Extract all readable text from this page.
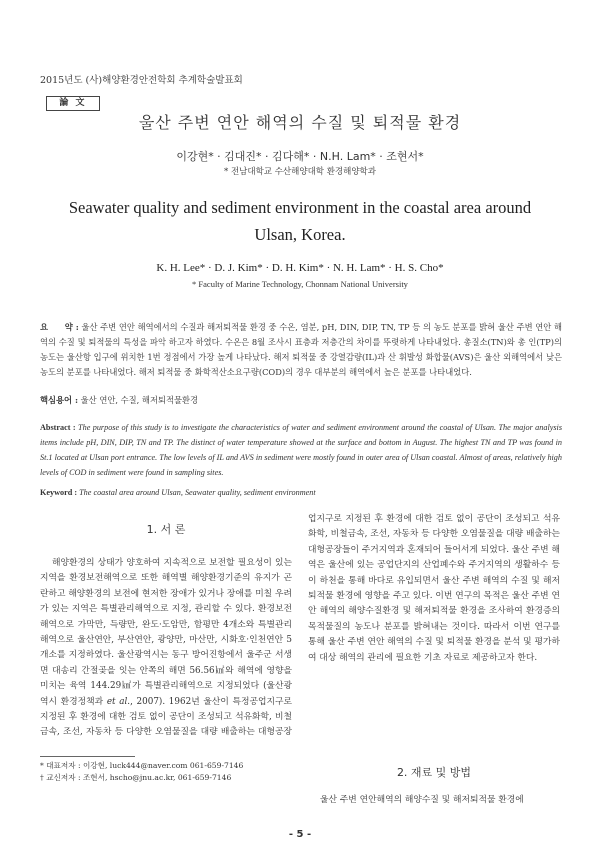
2015년도 (사)해양환경안전학회 추계학술발표회
論 文
울산 주변 연안 해역의 수질 및 퇴적물 환경
이강현* · 김대진* · 김다해* · N.H. Lam* · 조현서*
* 전남대학교 수산해양대학 환경해양학과
Seawater quality and sediment environment in the coastal area around
Ulsan, Korea.
K. H. Lee* · D. J. Kim* · D. H. Kim* · N. H. Lam* · H. S. Cho*
* Faculty of Marine Technology, Chonnam National University
요　　약 : 울산 주변 연안 해역에서의 수질과 해저퇴적물 환경 중 수온, 염분, pH, DIN, DIP, TN, TP 등 의 농도 분포를 밝혀 울산 주변 연안 해역의 수질 및 퇴적물의 특성을 파악 하고자 하였다. 수온은 8월 조사시 표층과 저층간의 차이를 뚜렷하게 나타내었다. 총질소(TN)와 총 인(TP)의 농도는 울산항 입구에 위치한 1번 정점에서 가장 높게 나타났다. 해저 퇴적물 중 강열감량(IL)과 산 휘발성 화합물(AVS)은 울산 외해역에서 낮은 농도의 분포를 나타내었다. 해저 퇴적물 중 화학적산소요구량(COD)의 경우 대부분의 해역에서 높은 분포를 나타내었다.
핵심용어 : 울산 연안, 수질, 해저퇴적물환경
Abstract : The purpose of this study is to investigate the characteristics of water and sediment environment around the coastal of Ulsan. The major analysis items include pH, DIN, DIP, TN and TP. The distinct of water temperature showed at the surface and bottom in August. The highest TN and TP was found in St.1 located at Ulsan port entrance. The low levels of IL and AVS in sediment were mostly found in outer area of Ulsan coastal. Almost of areas, relatively high levels of COD in sediment were found in sampling sites.
Keyword : The coastal area around Ulsan, Seawater quality, sediment environment
1. 서 론

해양환경의 상태가 양호하여 지속적으로 보전할 필요성이 있는 지역을 환경보전해역으로 또한 해역별 해양환경기준의 유지가 곤란하고 해양환경의 보전에 현저한 장애가 있거나 장애를 미칠 우려가 있는 지역은 특별관리해역으로 지정, 관리할 수 있다. 환경보전해역으로 가막만, 득량만, 완도·도암만, 함평만 4개소와 특별관리해역으로 울산연안, 부산연안, 광양만, 마산만, 시화호·인천연안 5개소를 지정하였다. 울산광역시는 동구 방어진항에서 울주군 서생면 대송리 간절곶을 잇는 안쪽의 해면 56.56㎢와 해역에 영향을 미치는 육역 144.29㎢가 특별관리해역으로 지정되었다 (울산광역시 환경정책과 et al., 2007). 1962년 울산이 특정공업지구로 지정된 후 환경에 대한 검토 없이 공단이 조성되고 석유화학, 비철금속, 조선, 자동차 등 다양한 오염물질을 대량 배출하는 대형공장

업지구로 지정된 후 환경에 대한 검토 없이 공단이 조성되고 석유화학, 비철금속, 조선, 자동차 등 다양한 오염물질을 대량 배출하는 대형공장들이 주거지역과 혼재되어 들어서게 되었다. 울산 주변 해역은 울산에 있는 공업단지의 산업폐수와 주거지역의 생활하수 등이 하천을 통해 바다로 유입되면서 울산 주변 해역의 수질 및 해저퇴적물 환경에 영향을 주고 있다. 이번 연구의 목적은 울산 주변 연안 해역의 해양수질환경 및 해저퇴적물 환경을 조사하여 환경증의 목적물질의 농도나 분포를 밝혀내는 것이다. 따라서 이번 연구를 통해 울산 주변 연안 해역의 수질 및 퇴적물 환경을 분석 및 평가하여 대상 해역의 관리에 필요한 기초 자료로 제공하고자 한다.

* 대표저자 : 이강현, luck444@naver.com 061-659-7146
† 교신저자 : 조현서, hscho@jnu.ac.kr, 061-659-7146	2. 재료 및 방법
울산 주변 연안해역의 해양수질 및 해저퇴적물 환경에
- 5 -
